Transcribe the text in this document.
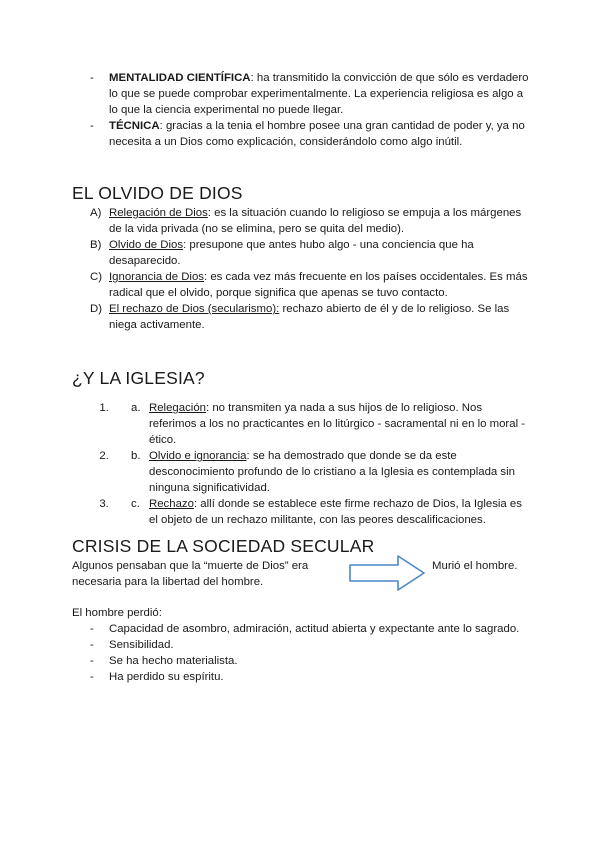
- MENTALIDAD CIENTÍFICA: ha transmitido la convicción de que sólo es verdadero lo que se puede comprobar experimentalmente. La experiencia religiosa es algo a lo que la ciencia experimental no puede llegar.
- TÉCNICA: gracias a la tenia el hombre posee una gran cantidad de poder y, ya no necesita a un Dios como explicación, considerándolo como algo inútil.
EL OLVIDO DE DIOS
A) Relegación de Dios: es la situación cuando lo religioso se empuja a los márgenes de la vida privada (no se elimina, pero se quita del medio).
B) Olvido de Dios: presupone que antes hubo algo - una conciencia que ha desaparecido.
C) Ignorancia de Dios: es cada vez más frecuente en los países occidentales. Es más radical que el olvido, porque significa que apenas se tuvo contacto.
D) El rechazo de Dios (secularismo): rechazo abierto de él y de lo religioso. Se las niega activamente.
¿Y LA IGLESIA?
1. a. Relegación: no transmiten ya nada a sus hijos de lo religioso. Nos referimos a los no practicantes en lo litúrgico - sacramental ni en lo moral - ético.
2. b. Olvido e ignorancia: se ha demostrado que donde se da este desconocimiento profundo de lo cristiano a la Iglesia es contemplada sin ninguna significatividad.
3. c. Rechazo: allí donde se establece este firme rechazo de Dios, la Iglesia es el objeto de un rechazo militante, con las peores descalificaciones.
CRISIS DE LA SOCIEDAD SECULAR
Algunos pensaban que la “muerte de Dios” era
necesaria para la libertad del hombre.
Murió el hombre.
El hombre perdió:
- Capacidad de asombro, admiración, actitud abierta y expectante ante lo sagrado.
- Sensibilidad.
- Se ha hecho materialista.
- Ha perdido su espíritu.
